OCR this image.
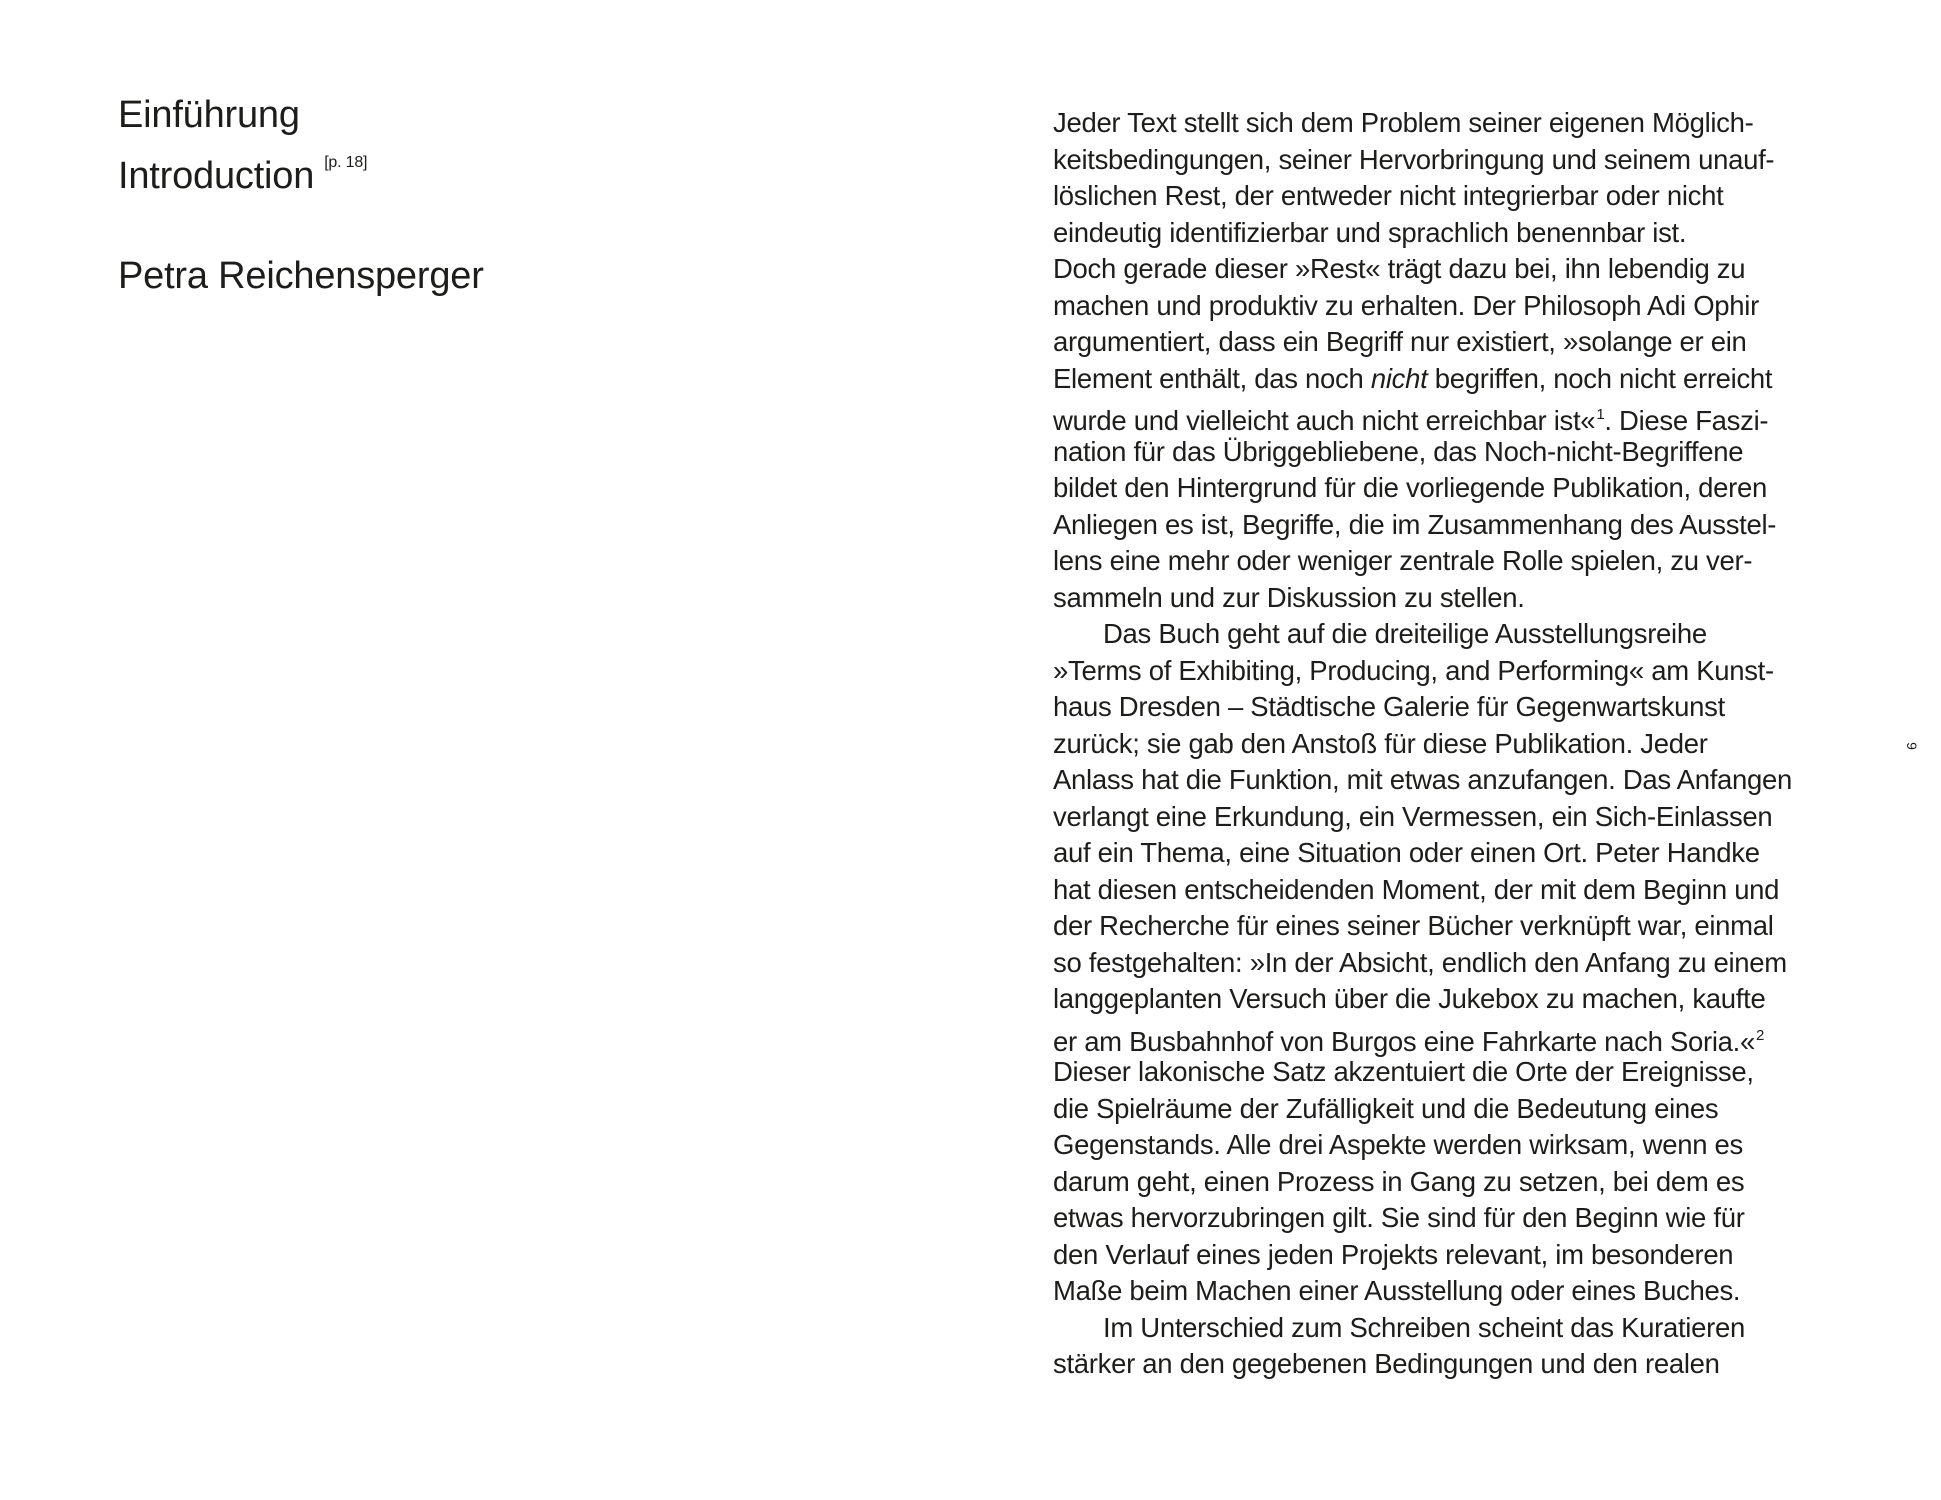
Einführung
Introduction [p. 18]
Petra Reichensperger
Jeder Text stellt sich dem Problem seiner eigenen Möglich-
keitsbedingungen, seiner Hervorbringung und seinem unauf-
löslichen Rest, der entweder nicht integrierbar oder nicht
eindeutig identifizierbar und sprachlich benennbar ist.
Doch gerade dieser »Rest« trägt dazu bei, ihn lebendig zu
machen und produktiv zu erhalten. Der Philosoph Adi Ophir
argumentiert, dass ein Begriff nur existiert, »solange er ein
Element enthält, das noch nicht begriffen, noch nicht erreicht
wurde und vielleicht auch nicht erreichbar ist«$^1$. Diese Faszi-
nation für das Übriggebliebene, das Noch-nicht-Begriffene
bildet den Hintergrund für die vorliegende Publikation, deren
Anliegen es ist, Begriffe, die im Zusammenhang des Ausstel-
lens eine mehr oder weniger zentrale Rolle spielen, zu ver-
sammeln und zur Diskussion zu stellen.
Das Buch geht auf die dreiteilige Ausstellungsreihe
»Terms of Exhibiting, Producing, and Performing« am Kunst-
haus Dresden – Städtische Galerie für Gegenwartskunst
zurück; sie gab den Anstoß für diese Publikation. Jeder
Anlass hat die Funktion, mit etwas anzufangen. Das Anfangen
verlangt eine Erkundung, ein Vermessen, ein Sich-Einlassen
auf ein Thema, eine Situation oder einen Ort. Peter Handke
hat diesen entscheidenden Moment, der mit dem Beginn und
der Recherche für eines seiner Bücher verknüpft war, einmal
so festgehalten: »In der Absicht, endlich den Anfang zu einem
langgeplanten Versuch über die Jukebox zu machen, kaufte
er am Busbahnhof von Burgos eine Fahrkarte nach Soria.«$^2$
Dieser lakonische Satz akzentuiert die Orte der Ereignisse,
die Spielräume der Zufälligkeit und die Bedeutung eines
Gegenstands. Alle drei Aspekte werden wirksam, wenn es
darum geht, einen Prozess in Gang zu setzen, bei dem es
etwas hervorzubringen gilt. Sie sind für den Beginn wie für
den Verlauf eines jeden Projekts relevant, im besonderen
Maße beim Machen einer Ausstellung oder eines Buches.
Im Unterschied zum Schreiben scheint das Kuratieren
stärker an den gegebenen Bedingungen und den realen
9
